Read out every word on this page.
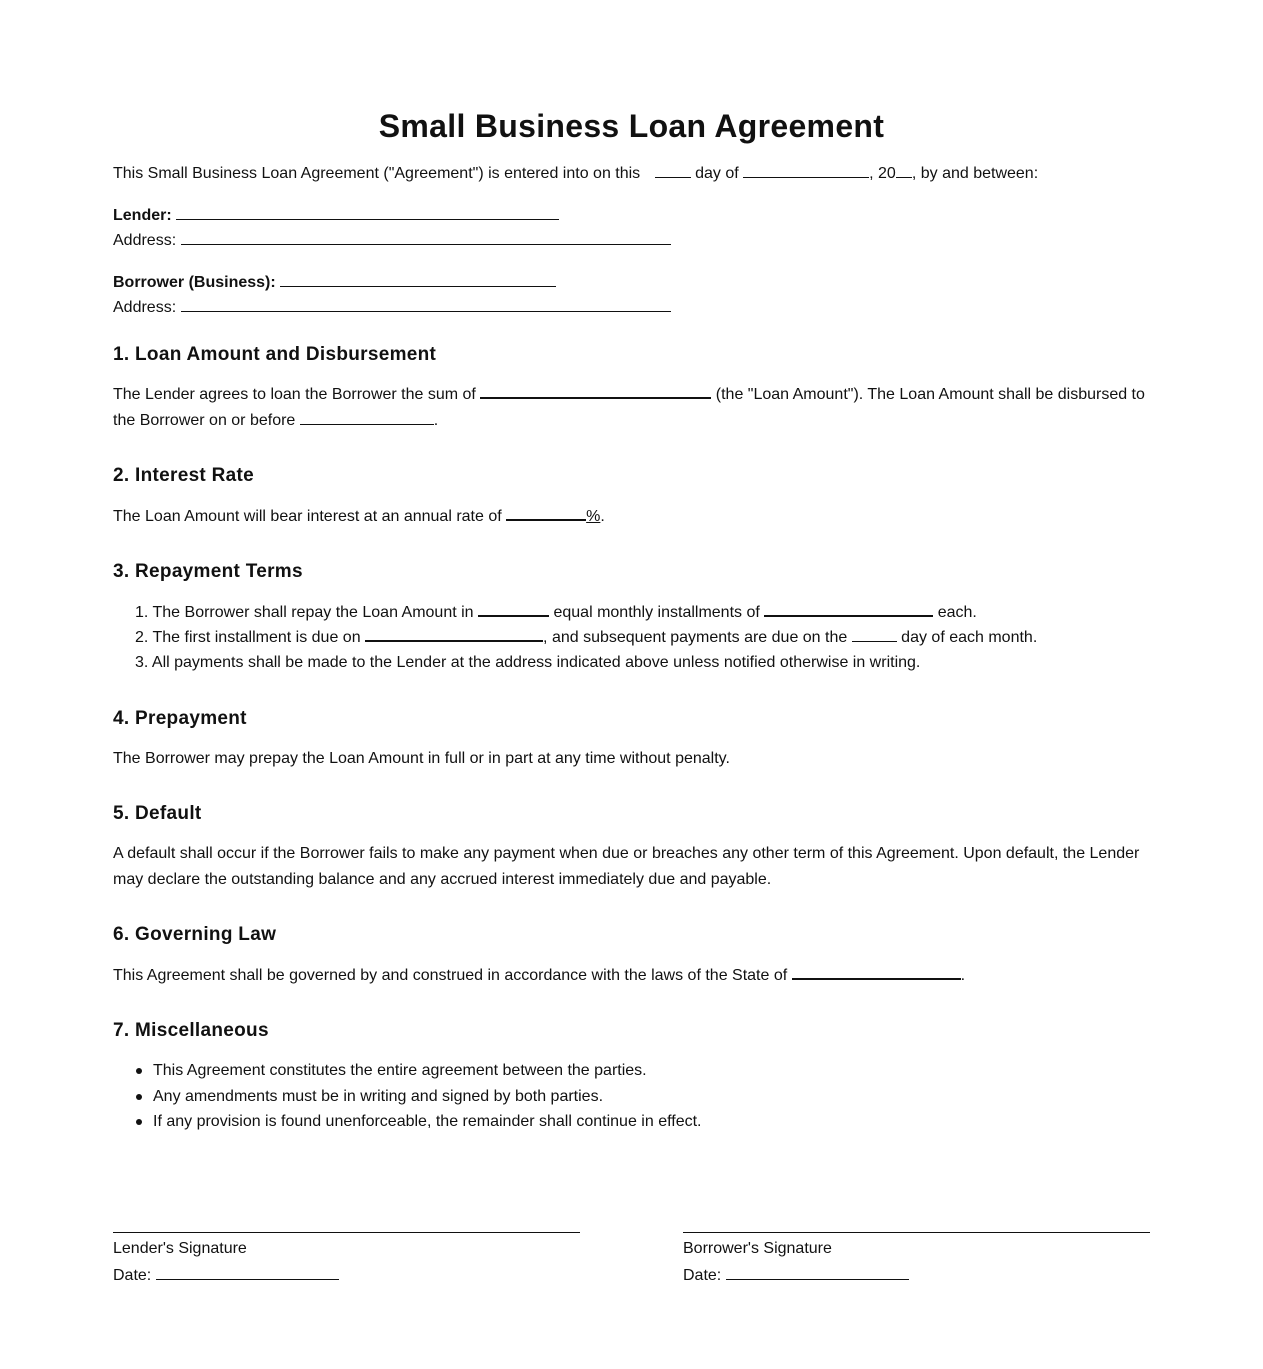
Small Business Loan Agreement

This Small Business Loan Agreement ("Agreement") is entered into on this	day of	, 20 , by and between:

Lender:

Address:

Borrower (Business):

Address:

1. Loan Amount and Disbursement

The Lender agrees to loan the Borrower the sum of	(the "Loan Amount"). The Loan Amount shall be disbursed to
the Borrower on or before	.

2. Interest Rate

The Loan Amount will bear interest at an annual rate of	%.

3. Repayment Terms
1. The Borrower shall repay the Loan Amount in	equal monthly installments of	each.
2. The first installment is due on	, and subsequent payments are due on the	day of each month.
3. All payments shall be made to the Lender at the address indicated above unless notified otherwise in writing.
4. Prepayment

The Borrower may prepay the Loan Amount in full or in part at any time without penalty.

5. Default

A default shall occur if the Borrower fails to make any payment when due or breaches any other term of this Agreement. Upon default, the Lender may declare the outstanding balance and any accrued interest immediately due and payable.

6. Governing Law

This Agreement shall be governed by and construed in accordance with the laws of the State of	.

7. Miscellaneous
This Agreement constitutes the entire agreement between the parties.
Any amendments must be in writing and signed by both parties.
If any provision is found unenforceable, the remainder shall continue in effect.
Lender's Signature
Date:
Borrower's Signature
Date:
